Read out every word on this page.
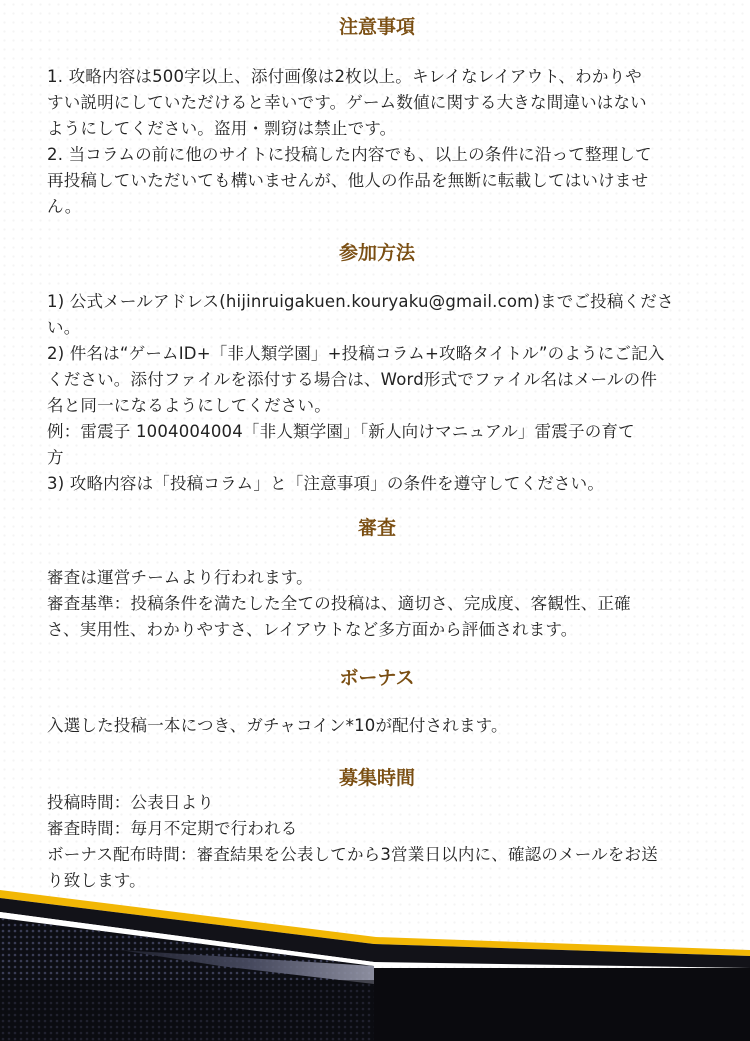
注意事項

1. 攻略内容は500字以上、添付画像は2枚以上。キレイなレイアウト、わかりや
すい説明にしていただけると幸いです。ゲーム数値に関する大きな間違いはない
ようにしてください。盗用・剽窃は禁止です。
2. 当コラムの前に他のサイトに投稿した内容でも、以上の条件に沿って整理して
再投稿していただいても構いませんが、他人の作品を無断に転載してはいけませ
ん。

参加方法

1) 公式メールアドレス(hijinruigakuen.kouryaku@gmail.com)までご投稿くださ
い。
2) 件名は“ゲームID+「非人類学園」+投稿コラム+攻略タイトル”のようにご記入
ください。添付ファイルを添付する場合は、Word形式でファイル名はメールの件
名と同一になるようにしてください。
例：雷震子 1004004004「非人類学園」「新人向けマニュアル」雷震子の育て
方
3) 攻略内容は「投稿コラム」と「注意事項」の条件を遵守してください。

審査

審査は運営チームより行われます。
審査基準：投稿条件を満たした全ての投稿は、適切さ、完成度、客観性、正確
さ、実用性、わかりやすさ、レイアウトなど多方面から評価されます。

ボーナス

入選した投稿一本につき、ガチャコイン*10が配付されます。

募集時間

投稿時間：公表日より
審査時間：毎月不定期で行われる
ボーナス配布時間：審査結果を公表してから3営業日以内に、確認のメールをお送
り致します。
